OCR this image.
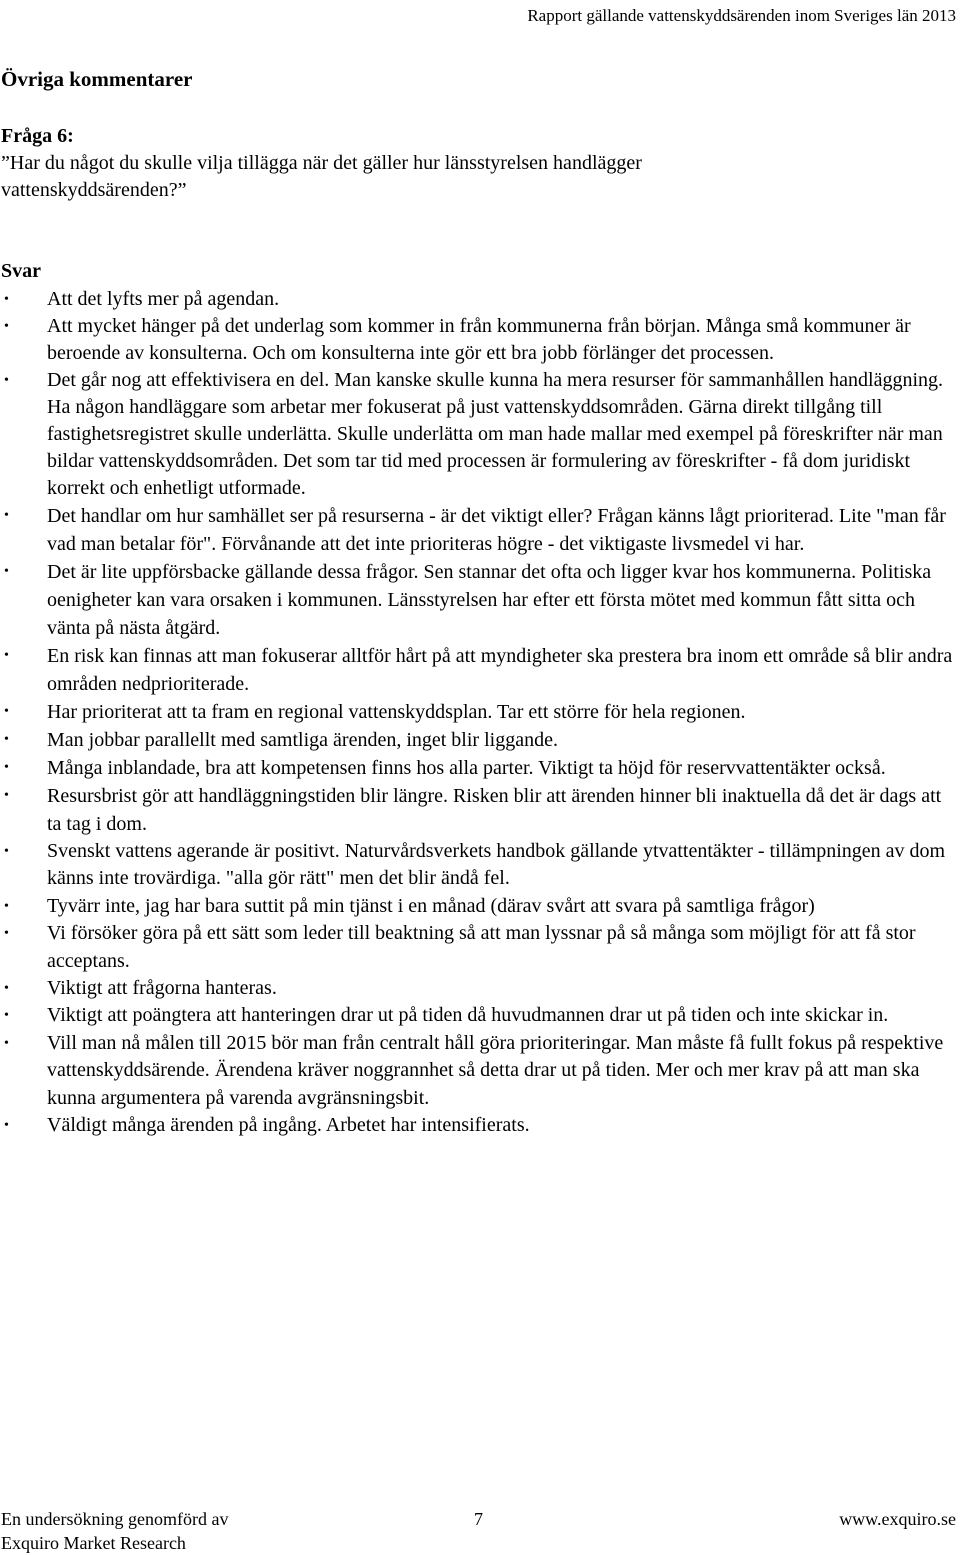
Rapport gällande vattenskyddsärenden inom Sveriges län 2013
Övriga kommentarer
Fråga 6:
”Har du något du skulle vilja tillägga när det gäller hur länsstyrelsen handlägger vattenskyddsärenden?”
Svar
• Att det lyfts mer på agendan.
• Att mycket hänger på det underlag som kommer in från kommunerna från början. Många små kommuner är beroende av konsulterna. Och om konsulterna inte gör ett bra jobb förlänger det processen.
• Det går nog att effektivisera en del. Man kanske skulle kunna ha mera resurser för sammanhållen handläggning. Ha någon handläggare som arbetar mer fokuserat på just vattenskyddsområden. Gärna direkt tillgång till fastighetsregistret skulle underlätta. Skulle underlätta om man hade mallar med exempel på föreskrifter när man bildar vattenskyddsområden. Det som tar tid med processen är formulering av föreskrifter - få dom juridiskt korrekt och enhetligt utformade.
• Det handlar om hur samhället ser på resurserna - är det viktigt eller? Frågan känns lågt prioriterad. Lite "man får vad man betalar för". Förvånande att det inte prioriteras högre - det viktigaste livsmedel vi har.
• Det är lite uppförsbacke gällande dessa frågor. Sen stannar det ofta och ligger kvar hos kommunerna. Politiska oenigheter kan vara orsaken i kommunen. Länsstyrelsen har efter ett första mötet med kommun fått sitta och vänta på nästa åtgärd.
• En risk kan finnas att man fokuserar alltför hårt på att myndigheter ska prestera bra inom ett område så blir andra områden nedprioriterade.
• Har prioriterat att ta fram en regional vattenskyddsplan. Tar ett större för hela regionen.
• Man jobbar parallellt med samtliga ärenden, inget blir liggande.
• Många inblandade, bra att kompetensen finns hos alla parter. Viktigt ta höjd för reservvattentäkter också.
• Resursbrist gör att handläggningstiden blir längre. Risken blir att ärenden hinner bli inaktuella då det är dags att ta tag i dom.
• Svenskt vattens agerande är positivt. Naturvårdsverkets handbok gällande ytvattentäkter - tillämpningen av dom känns inte trovärdiga. "alla gör rätt" men det blir ändå fel.
• Tyvärr inte, jag har bara suttit på min tjänst i en månad (därav svårt att svara på samtliga frågor)
• Vi försöker göra på ett sätt som leder till beaktning så att man lyssnar på så många som möjligt för att få stor acceptans.
• Viktigt att frågorna hanteras.
• Viktigt att poängtera att hanteringen drar ut på tiden då huvudmannen drar ut på tiden och inte skickar in.
• Vill man nå målen till 2015 bör man från centralt håll göra prioriteringar. Man måste få fullt fokus på respektive vattenskyddsärende. Ärendena kräver noggrannhet så detta drar ut på tiden. Mer och mer krav på att man ska kunna argumentera på varenda avgränsningsbit.
• Väldigt många ärenden på ingång. Arbetet har intensifierats.
En undersökning genomförd av
Exquiro Market Research
7	www.exquiro.se
